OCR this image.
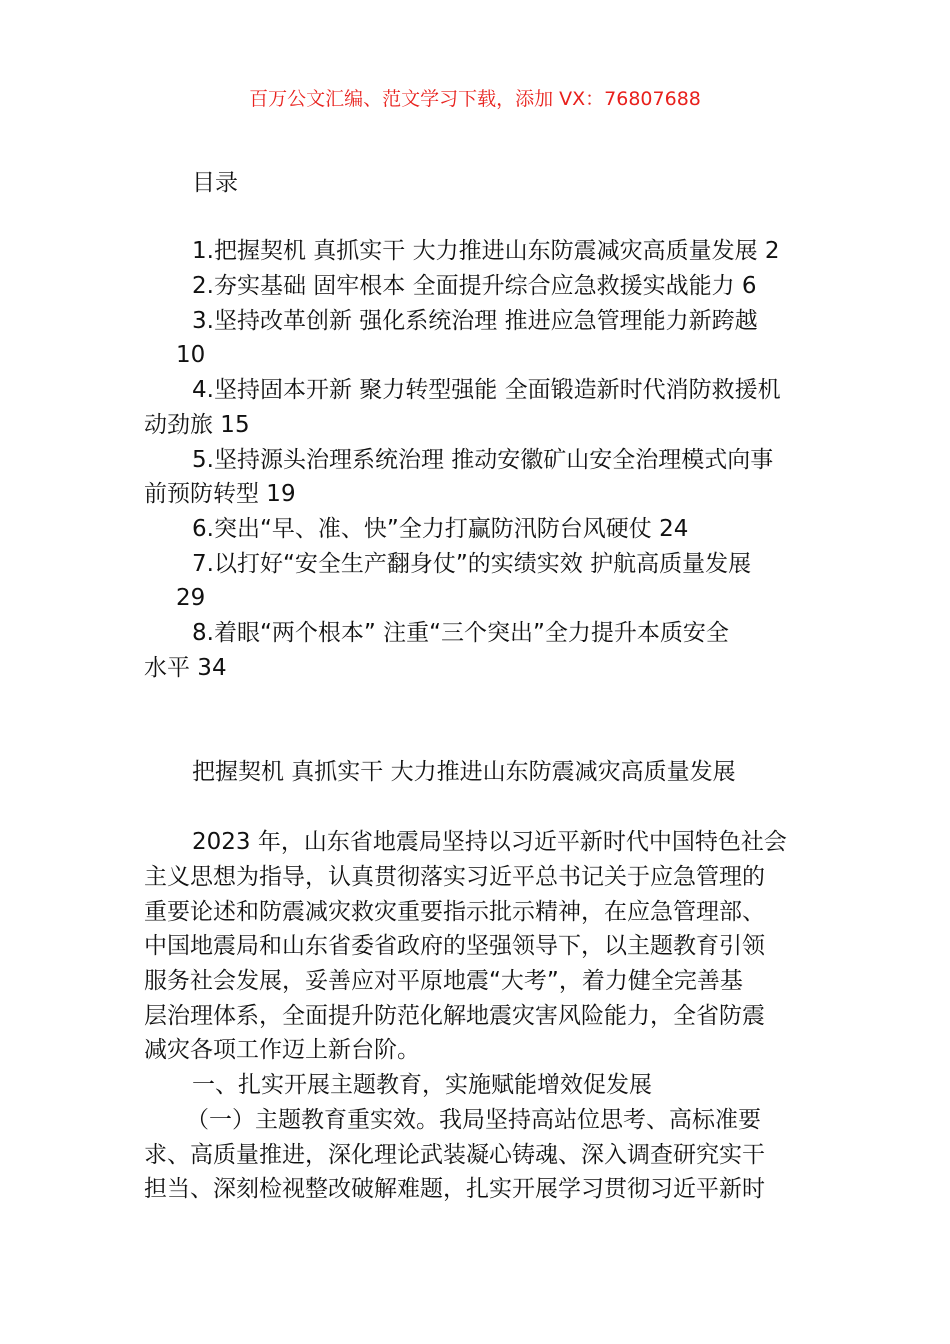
百万公文汇编、范文学习下载，添加 VX：76807688
目录
1.把握契机 真抓实干 大力推进山东防震减灾高质量发展 2
2.夯实基础 固牢根本 全面提升综合应急救援实战能力 6
3.坚持改革创新 强化系统治理 推进应急管理能力新跨越
10
4.坚持固本开新 聚力转型强能 全面锻造新时代消防救援机
动劲旅 15
5.坚持源头治理系统治理 推动安徽矿山安全治理模式向事
前预防转型 19
6.突出“早、准、快”全力打赢防汛防台风硬仗 24
7.以打好“安全生产翻身仗”的实绩实效 护航高质量发展
29
8.着眼“两个根本” 注重“三个突出”全力提升本质安全
水平 34
把握契机 真抓实干 大力推进山东防震减灾高质量发展
2023 年，山东省地震局坚持以习近平新时代中国特色社会
主义思想为指导，认真贯彻落实习近平总书记关于应急管理的
重要论述和防震减灾救灾重要指示批示精神，在应急管理部、
中国地震局和山东省委省政府的坚强领导下，以主题教育引领
服务社会发展，妥善应对平原地震“大考”，着力健全完善基
层治理体系，全面提升防范化解地震灾害风险能力，全省防震
减灾各项工作迈上新台阶。
一、扎实开展主题教育，实施赋能增效促发展
（一）主题教育重实效。我局坚持高站位思考、高标准要
求、高质量推进，深化理论武装凝心铸魂、深入调查研究实干
担当、深刻检视整改破解难题，扎实开展学习贯彻习近平新时
